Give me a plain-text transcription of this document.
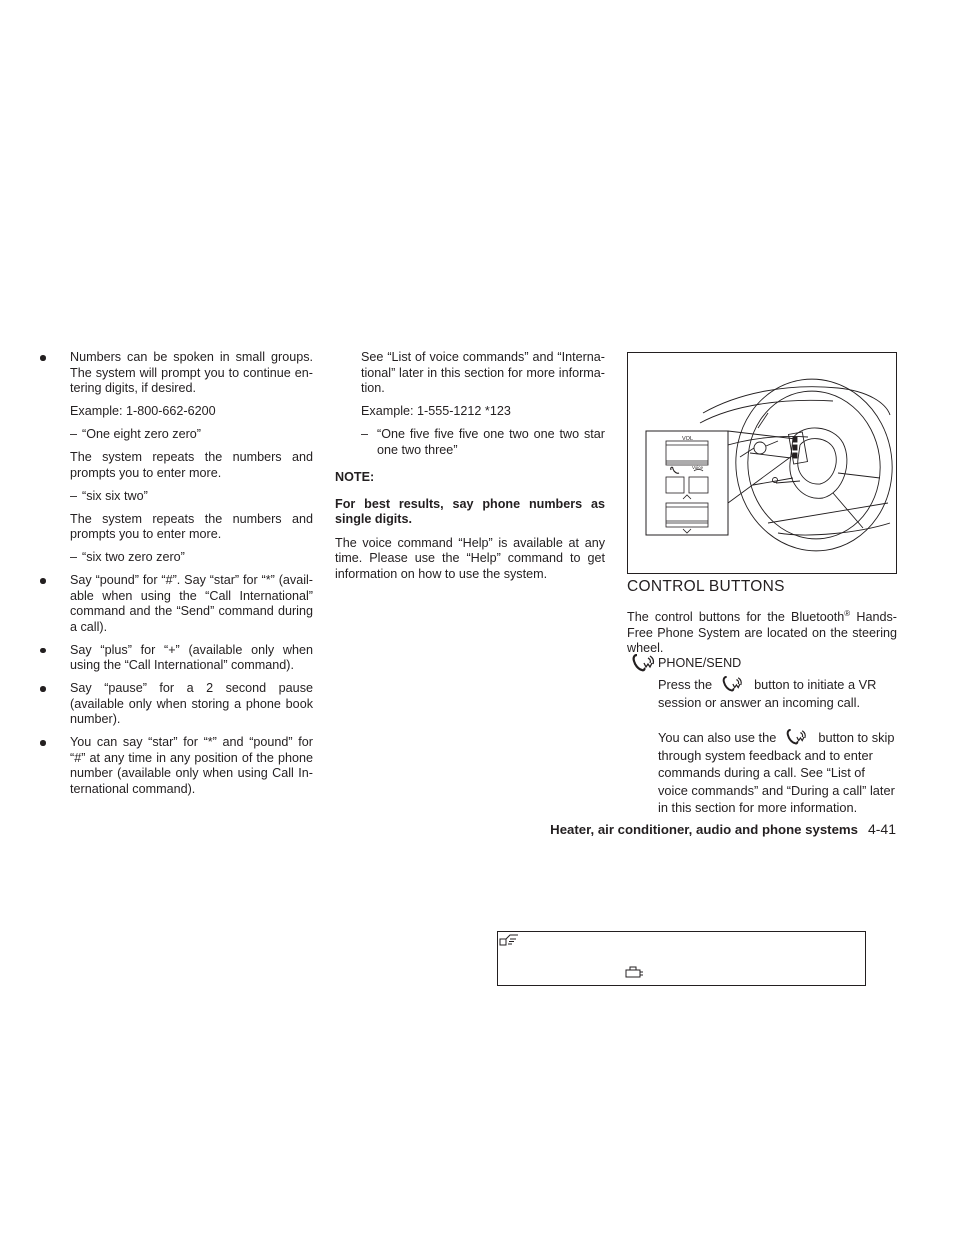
Numbers can be spoken in small groups. The system will prompt you to continue en-tering digits, if desired.

Example: 1-800-662-6200

– “One eight zero zero”

The system repeats the numbers and prompts you to enter more.

– “six six two”

The system repeats the numbers and prompts you to enter more.

– “six two zero zero”

Say “pound” for “#”. Say “star” for “*” (avail-able when using the “Call International” command and the “Send” command during a call).

Say “plus” for “+” (available only when using the “Call International” command).

Say “pause” for a 2 second pause (available only when storing a phone book number).

You can say “star” for “*” and “pound” for “#” at any time in any position of the phone number (available only when using Call In-ternational command).

See “List of voice commands” and “Interna-tional” later in this section for more informa-tion.

Example: 1-555-1212 *123

– “One five five five one two one two star one two three”

NOTE:

For best results, say phone numbers as single digits.

The voice command “Help” is available at any time. Please use the “Help” command to get information on how to use the system.

VOL
Voice
CONTROL BUTTONS

The control buttons for the Bluetooth® Hands-Free Phone System are located on the steering wheel.

PHONE/SEND
Press the	button to initiate a VR session or answer an incoming call.
You can also use the	button to skip through system feedback and to enter commands during a call. See “List of voice commands” and “During a call” later in this section for more information.
Heater, air conditioner, audio and phone systems 4-41
